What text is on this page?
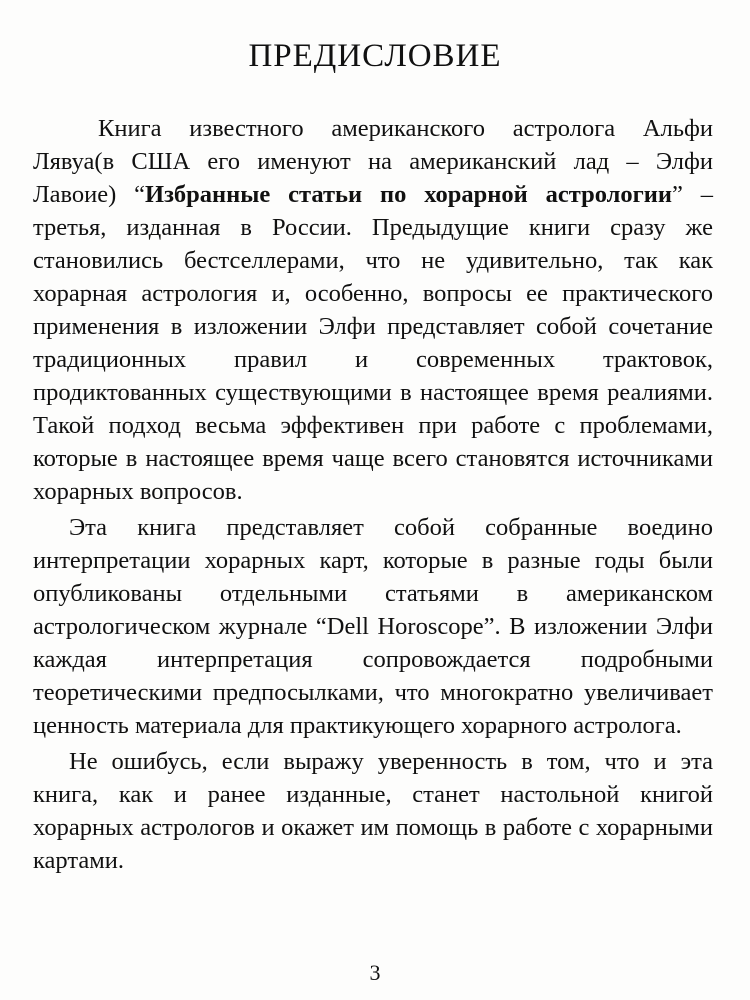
ПРЕДИСЛОВИЕ

Книга известного американского астролога Альфи Лявуа(в США его именуют на американский лад – Элфи Лавоие) “Избранные статьи по хорарной астрологии” – третья, изданная в России. Предыдущие книги сразу же становились бестселлерами, что не удивительно, так как хорарная астрология и, особенно, вопросы ее практического применения в изложении Элфи представляет собой сочетание традиционных правил и современных трактовок, продиктованных существующими в настоящее время реалиями. Такой подход весьма эффективен при работе с проблемами, которые в настоящее время чаще всего становятся источниками хорарных вопросов.

Эта книга представляет собой собранные воедино интерпретации хорарных карт, которые в разные годы были опубликованы отдельными статьями в американском астрологическом журнале “Dell Horoscope”. В изложении Элфи каждая интерпретация сопровождается подробными теоретическими предпосылками, что многократно увеличивает ценность материала для практикующего хорарного астролога.

Не ошибусь, если выражу уверенность в том, что и эта книга, как и ранее изданные, станет настольной книгой хорарных астрологов и окажет им помощь в работе с хорарными картами.

3
